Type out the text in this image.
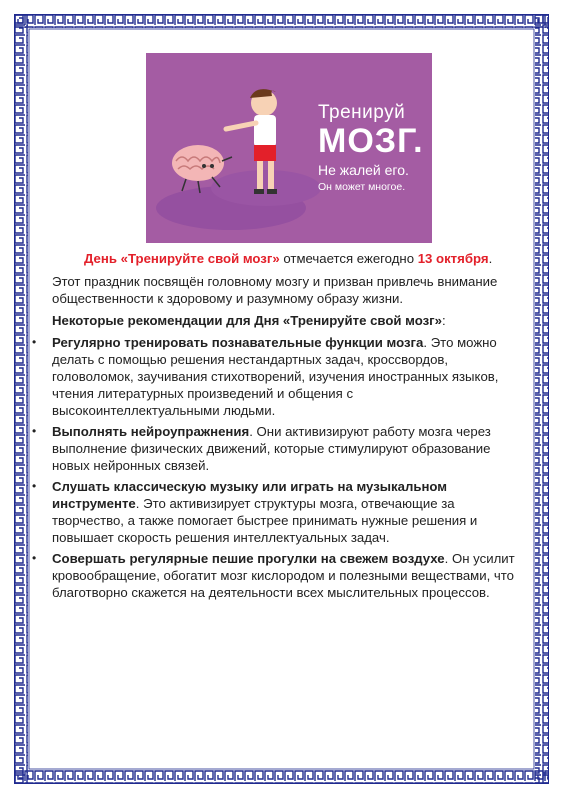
Тренируй
МОЗГ.
Не жалей его.
Он может многое.

День «Тренируйте свой мозг» отмечается ежегодно 13 октября.

Этот праздник посвящён головному мозгу и призван привлечь внимание общественности к здоровому и разумному образу жизни.

Некоторые рекомендации для Дня «Тренируйте свой мозг»:

• Регулярно тренировать познавательные функции мозга. Это можно делать с помощью решения нестандартных задач, кроссвордов, головоломок, заучивания стихотворений, изучения иностранных языков, чтения литературных произведений и общения с высокоинтеллектуальными людьми.
• Выполнять нейроупражнения. Они активизируют работу мозга через выполнение физических движений, которые стимулируют образование новых нейронных связей.
• Слушать классическую музыку или играть на музыкальном инструменте. Это активизирует структуры мозга, отвечающие за творчество, а также помогает быстрее принимать нужные решения и повышает скорость решения интеллектуальных задач.
• Совершать регулярные пешие прогулки на свежем воздухе. Он усилит кровообращение, обогатит мозг кислородом и полезными веществами, что благотворно скажется на деятельности всех мыслительных процессов.
